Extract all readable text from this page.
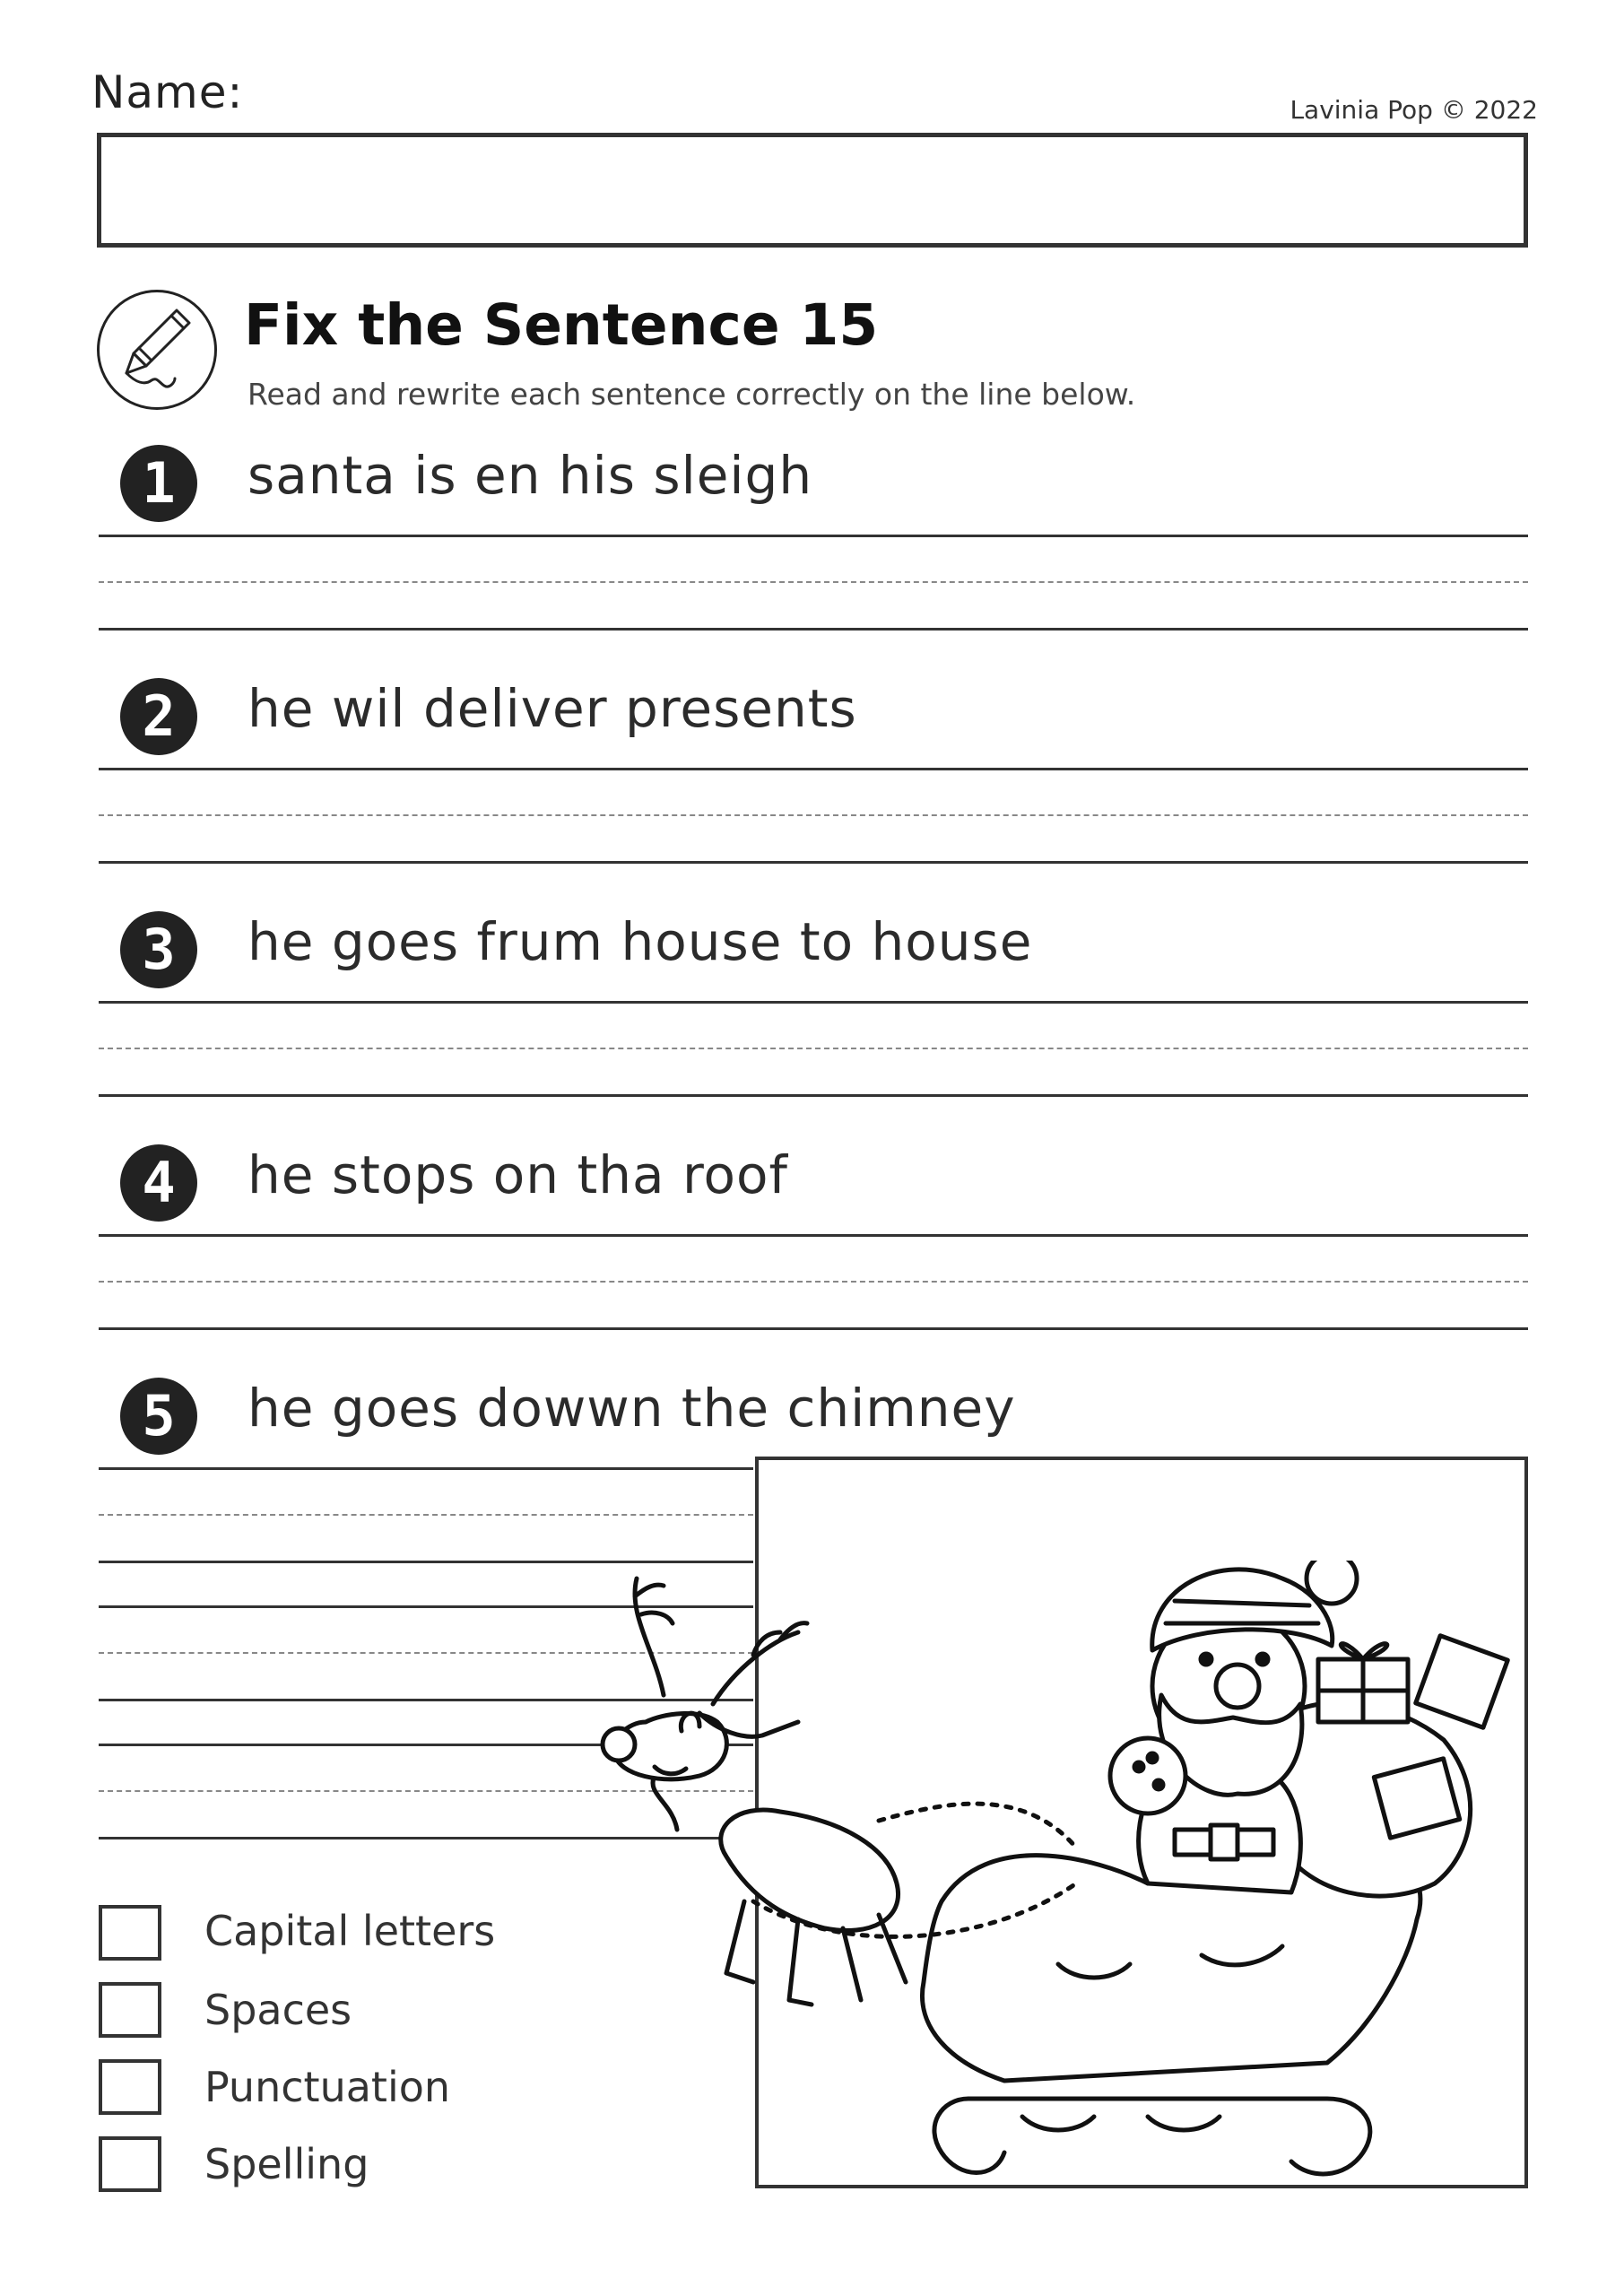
Name:	Lavinia Pop © 2022
Fix the Sentence 15
Read and rewrite each sentence correctly on the line below.
1	santa is en his sleigh
2	he wil deliver presents
3	he goes frum house to house
4	he stops on tha roof
5	he goes dowwn the chimney
Capital letters
Spaces
Punctuation
Spelling
